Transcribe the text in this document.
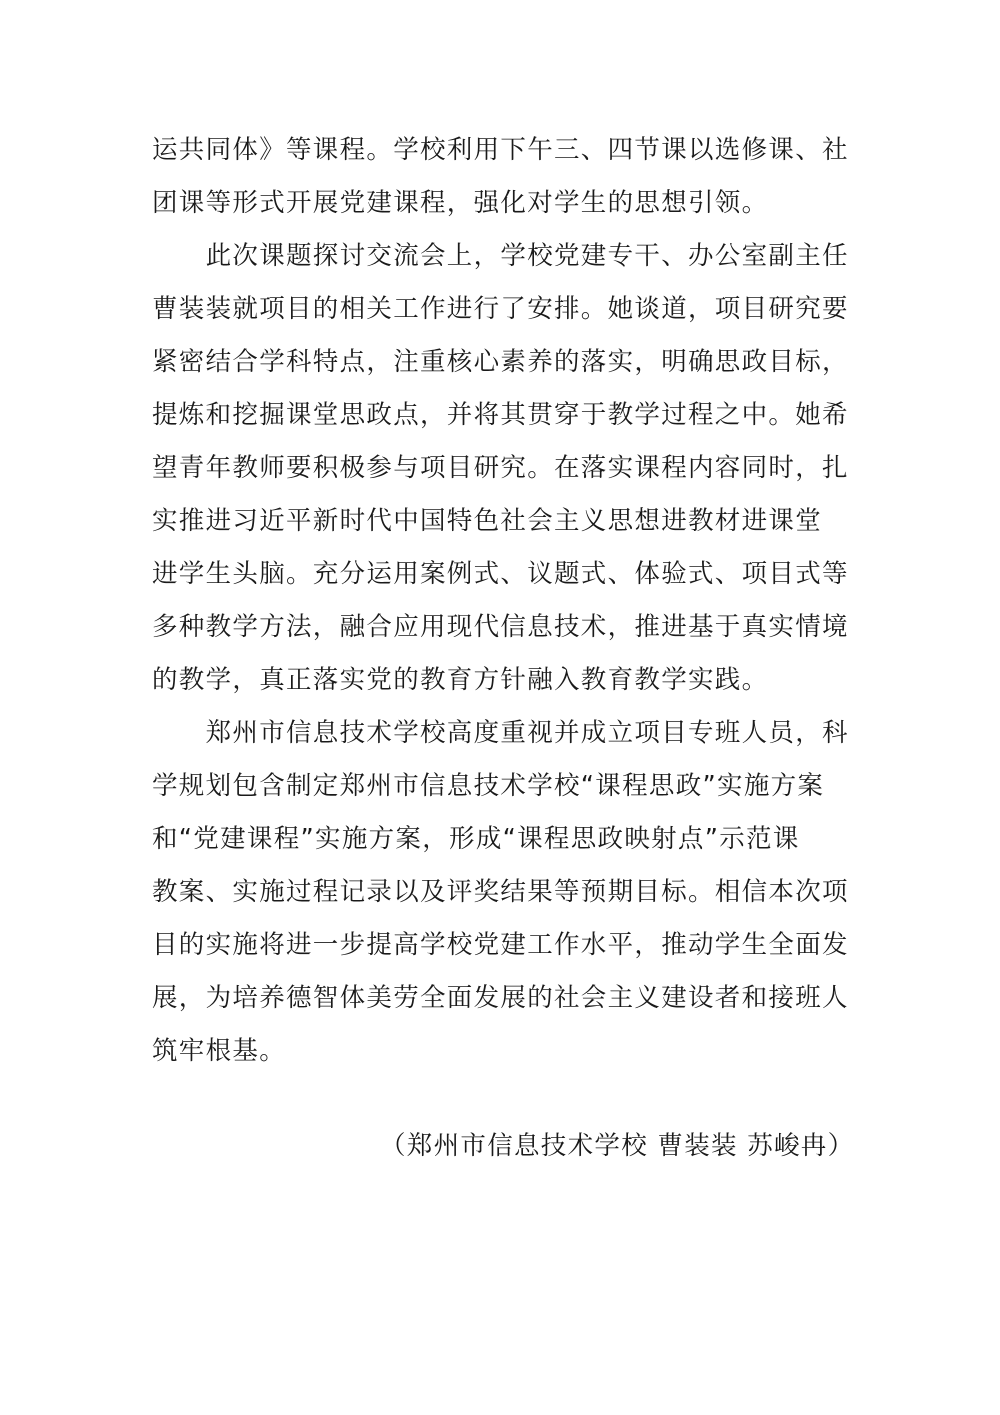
运共同体》等课程。学校利用下午三、四节课以选修课、社
团课等形式开展党建课程，强化对学生的思想引领。
　　此次课题探讨交流会上，学校党建专干、办公室副主任
曹装装就项目的相关工作进行了安排。她谈道，项目研究要
紧密结合学科特点，注重核心素养的落实，明确思政目标，
提炼和挖掘课堂思政点，并将其贯穿于教学过程之中。她希
望青年教师要积极参与项目研究。在落实课程内容同时，扎
实推进习近平新时代中国特色社会主义思想进教材进课堂
进学生头脑。充分运用案例式、议题式、体验式、项目式等
多种教学方法，融合应用现代信息技术，推进基于真实情境
的教学，真正落实党的教育方针融入教育教学实践。
　　郑州市信息技术学校高度重视并成立项目专班人员，科
学规划包含制定郑州市信息技术学校“课程思政”实施方案
和“党建课程”实施方案，形成“课程思政映射点”示范课
教案、实施过程记录以及评奖结果等预期目标。相信本次项
目的实施将进一步提高学校党建工作水平，推动学生全面发
展，为培养德智体美劳全面发展的社会主义建设者和接班人
筑牢根基。
（郑州市信息技术学校 曹装装 苏峻冉）
